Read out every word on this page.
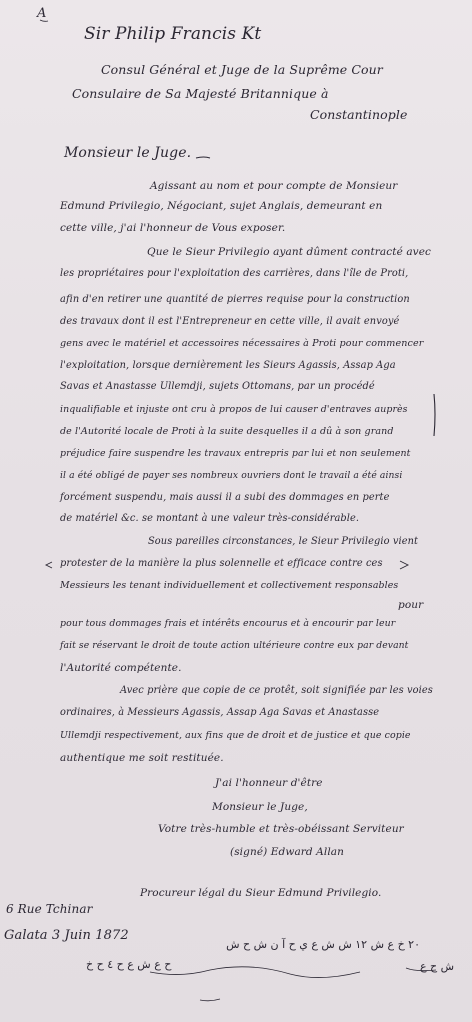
A
Sir Philip Francis Kt
Consul Général et Juge de la Suprême Cour
Consulaire de Sa Majesté Britannique à
Constantinople
Monsieur le Juge.
Agissant au nom et pour compte de Monsieur
Edmund Privilegio, Négociant, sujet Anglais, demeurant en
cette ville, j'ai l'honneur de Vous exposer.
Que le Sieur Privilegio ayant dûment contracté avec
les propriétaires pour l'exploitation des carrières, dans l'île de Proti,
afin d'en retirer une quantité de pierres requise pour la construction
des travaux dont il est l'Entrepreneur en cette ville, il avait envoyé
gens avec le matériel et accessoires nécessaires à Proti pour commencer
l'exploitation, lorsque dernièrement les Sieurs Agassis, Assap Aga
Savas et Anastasse Ullemdji, sujets Ottomans, par un procédé
inqualifiable et injuste ont cru à propos de lui causer d'entraves auprès
de l'Autorité locale de Proti à la suite desquelles il a dû à son grand
préjudice faire suspendre les travaux entrepris par lui et non seulement
il a été obligé de payer ses nombreux ouvriers dont le travail a été ainsi
forcément suspendu, mais aussi il a subi des dommages en perte
de matériel &c. se montant à une valeur très-considérable.
Sous pareilles circonstances, le Sieur Privilegio vient
protester de la manière la plus solennelle et efficace contre ces
Messieurs les tenant individuellement et collectivement responsables
pour
pour tous dommages frais et intérêts encourus et à encourir par leur
fait se réservant le droit de toute action ultérieure contre eux par devant
l'Autorité compétente.
Avec prière que copie de ce protêt, soit signifiée par les voies
ordinaires, à Messieurs Agassis, Assap Aga Savas et Anastasse
Ullemdji respectivement, aux fins que de droit et de justice et que copie
authentique me soit restituée.
J'ai l'honneur d'être
Monsieur le Juge,
Votre très-humble et très-obéissant Serviteur
(signé) Edward Allan
Procureur légal du Sieur Edmund Privilegio.
6 Rue Tchinar
Galata 3 Juin 1872
٢٠ خ ع ش ١٢ ش ش ع ي ح آ ن ش ح ش
ح ع ش ع ح ٤ ح خ	ش ح ع
